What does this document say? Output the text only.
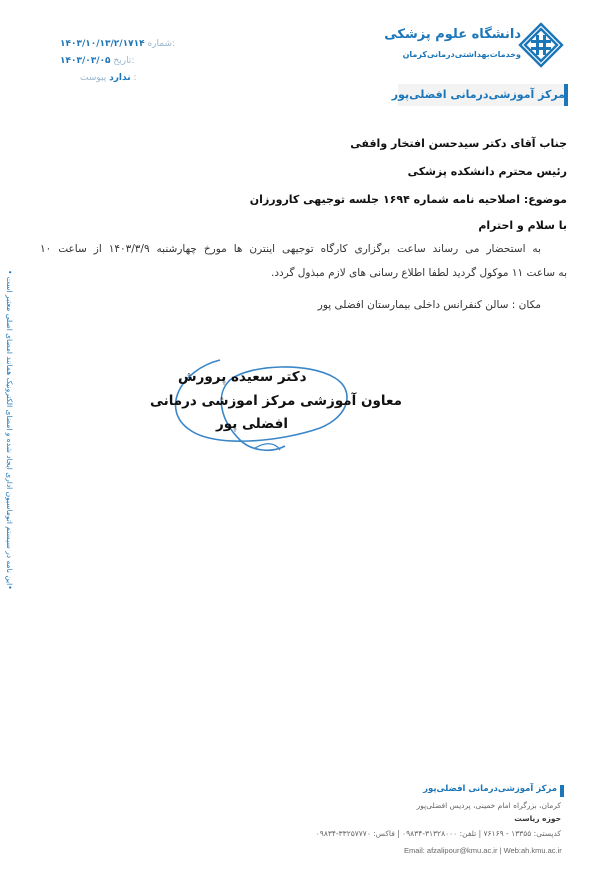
دانشگاه علوم پزشکی
وخدمات‌بهداشتی‌درمانی‌کرمان
مرکز آموزشی‌درمانی افضلی‌پور
۱۴۰۳/۱۰/۱۳/۲/۱۷۱۴ شماره:
۱۴۰۳/۰۳/۰۵ تاریخ:
ندارد پیوست :
جناب آقای دکتر سیدحسن افتخار واقفی
رئیس محترم دانشکده پزشکی
موضوع: اصلاحیه نامه شماره ۱۶۹۴ جلسه توجیهی کارورزان
با سلام و احترام
به استحضار می رساند ساعت برگزاری کارگاه توجیهی اینترن ها مورخ چهارشنبه ۱۴۰۳/۳/۹ از ساعت ۱۰
به ساعت ۱۱ موکول گردید لطفا اطلاع رسانی های لازم مبذول گردد.
مکان : سالن کنفرانس داخلی بیمارستان افضلی پور
دکتر سعیده پرورش
معاون آموزشی مرکز اموزشی درمانی
افضلی پور
•این نامه در سیستم اتوماسیون اداری ایجاد شده و امضای الکترونیک همانند امضای اصلی معتبر است •
مرکز آموزشی‌درمانی افضلی‌پور
کرمان، بزرگراه امام خمینی، پردیس افضلی‌پور
حوزه ریاست
کدپستی: ۱۳۳۵۵ - ۷۶۱۶۹ | تلفن: ۳۱۳۲۸۰۰۰-۰۹۸۳۴ | فاکس: ۳۳۲۵۷۷۷۰-۰۹۸۳۴
Email: afzalipour@kmu.ac.ir | Web:ah.kmu.ac.ir
